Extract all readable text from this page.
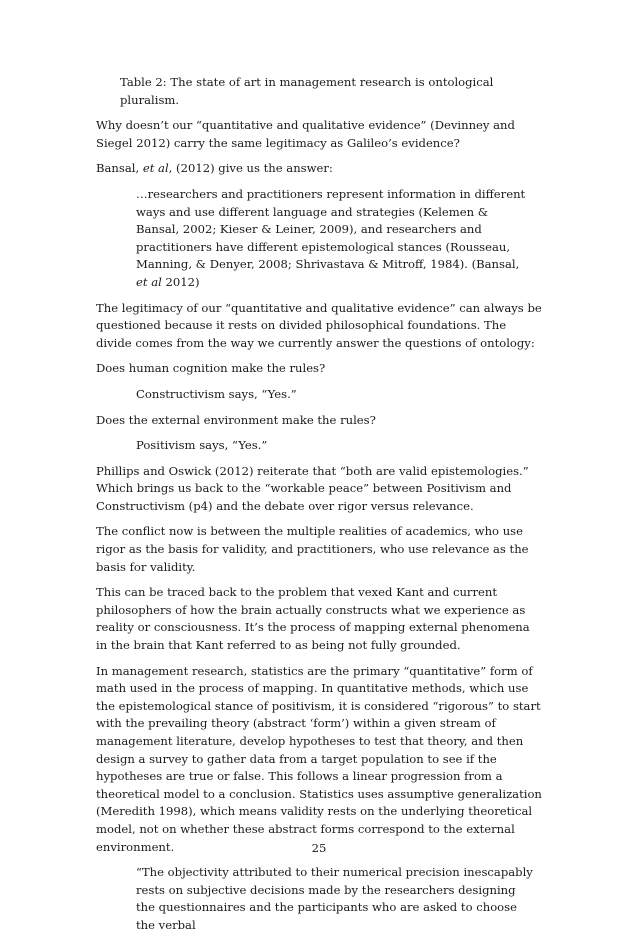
Table 2: The state of art in management research is ontological pluralism.

Why doesn’t our “quantitative and qualitative evidence” (Devinney and Siegel 2012) carry the same legitimacy as Galileo’s evidence?

Bansal, et al, (2012) give us the answer:

…researchers and practitioners represent information in different ways and use different language and strategies (Kelemen & Bansal, 2002; Kieser & Leiner, 2009), and researchers and practitioners have different epistemological stances (Rousseau, Manning, & Denyer, 2008; Shrivastava & Mitroff, 1984). (Bansal, et al 2012)

The legitimacy of our “quantitative and qualitative evidence” can always be questioned because it rests on divided philosophical foundations. The divide comes from the way we currently answer the questions of ontology:

Does human cognition make the rules?

Constructivism says, “Yes.”

Does the external environment make the rules?

Positivism says, “Yes.”

Phillips and Oswick (2012) reiterate that “both are valid epistemologies.” Which brings us back to the “workable peace” between Positivism and Constructivism (p4) and the debate over rigor versus relevance.

The conflict now is between the multiple realities of academics, who use rigor as the basis for validity, and practitioners, who use relevance as the basis for validity.

This can be traced back to the problem that vexed Kant and current philosophers of how the brain actually constructs what we experience as reality or consciousness. It’s the process of mapping external phenomena in the brain that Kant referred to as being not fully grounded.

In management research, statistics are the primary “quantitative” form of math used in the process of mapping. In quantitative methods, which use the epistemological stance of positivism, it is considered “rigorous” to start with the prevailing theory (abstract ‘form’) within a given stream of management literature, develop hypotheses to test that theory, and then design a survey to gather data from a target population to see if the hypotheses are true or false. This follows a linear progression from a theoretical model to a conclusion. Statistics uses assumptive generalization (Meredith 1998), which means validity rests on the underlying theoretical model, not on whether these abstract forms correspond to the external environment.

“The objectivity attributed to their numerical precision inescapably rests on subjective decisions made by the researchers designing the questionnaires and the participants who are asked to choose the verbal

25
